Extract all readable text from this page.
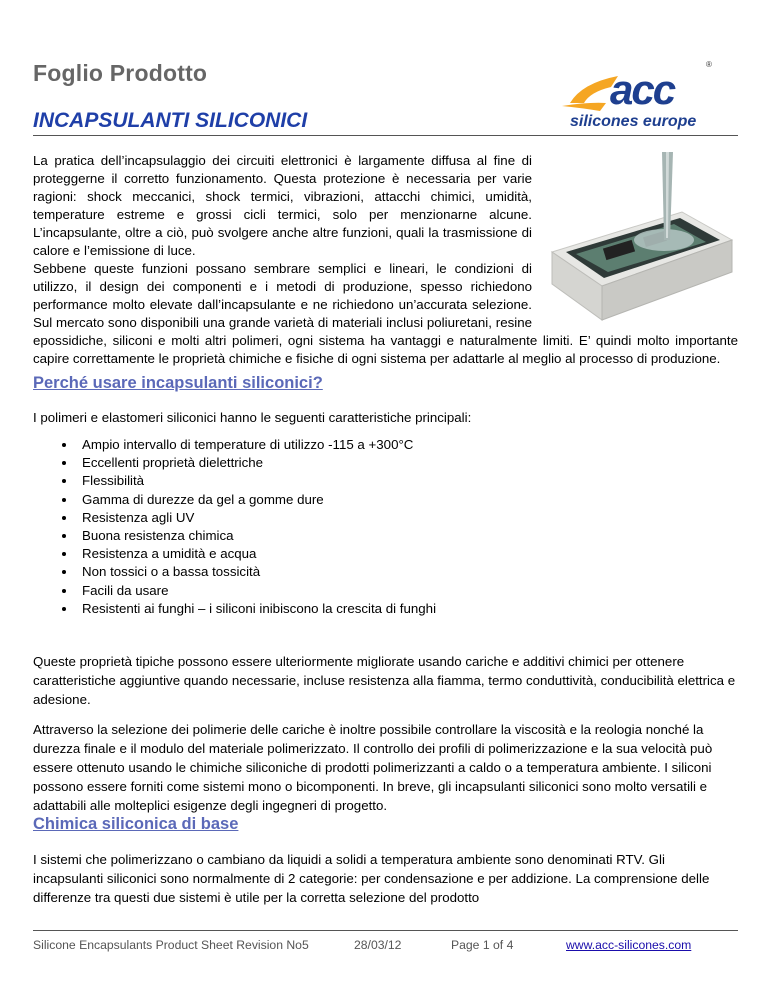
Foglio Prodotto	®
acc
silicones europe
INCAPSULANTI SILICONICI

La pratica dell’incapsulaggio dei circuiti elettronici è largamente diffusa al fine di proteggerne il corretto funzionamento. Questa protezione è necessaria per varie ragioni: shock meccanici, shock termici, vibrazioni, attacchi chimici, umidità, temperature estreme e grossi cicli termici, solo per menzionarne alcune. L’incapsulante, oltre a ciò, può svolgere anche altre funzioni, quali la trasmissione di calore e l’emissione di luce.

Sebbene queste funzioni possano sembrare semplici e lineari, le condizioni di utilizzo, il design dei componenti e i metodi di produzione, spesso richiedono performance molto elevate dall’incapsulante e ne richiedono un’accurata selezione. Sul mercato sono disponibili una grande varietà di materiali inclusi poliuretani, resine epossidiche, siliconi e molti altri polimeri, ogni sistema ha vantaggi e naturalmente limiti. E’ quindi molto importante capire correttamente le proprietà chimiche e fisiche di ogni sistema per adattarle al meglio al processo di produzione.

Perché usare incapsulanti siliconici?

I polimeri e elastomeri siliconici hanno le seguenti caratteristiche principali:

Ampio intervallo di temperature di utilizzo -115 a +300°C
Eccellenti proprietà dielettriche
Flessibilità
Gamma di durezze da gel a gomme dure
Resistenza agli UV
Buona resistenza chimica
Resistenza a umidità e acqua
Non tossici o a bassa tossicità
Facili da usare
Resistenti ai funghi – i siliconi inibiscono la crescita di funghi

Queste proprietà tipiche possono essere ulteriormente migliorate usando cariche e additivi chimici per ottenere caratteristiche aggiuntive quando necessarie, incluse resistenza alla fiamma, termo conduttività, conducibilità elettrica e adesione.

Attraverso la selezione dei polimerie delle cariche è inoltre possibile controllare la viscosità e la reologia nonché la durezza finale e il modulo del materiale polimerizzato. Il controllo dei profili di polimerizzazione e la sua velocità può essere ottenuto usando le chimiche siliconiche di prodotti polimerizzanti a caldo o a temperatura ambiente. I siliconi possono essere forniti come sistemi mono o bicomponenti. In breve, gli incapsulanti siliconici sono molto versatili e adattabili alle molteplici esigenze degli ingegneri di progetto.

Chimica siliconica di base

I sistemi che polimerizzano o cambiano da liquidi a solidi a temperatura ambiente sono denominati RTV. Gli incapsulanti siliconici sono normalmente di 2 categorie: per condensazione e per addizione. La comprensione delle differenze tra questi due sistemi è utile per la corretta selezione del prodotto

Silicone Encapsulants Product Sheet Revision No5	28/03/12	Page 1 of 4	www.acc-silicones.com
